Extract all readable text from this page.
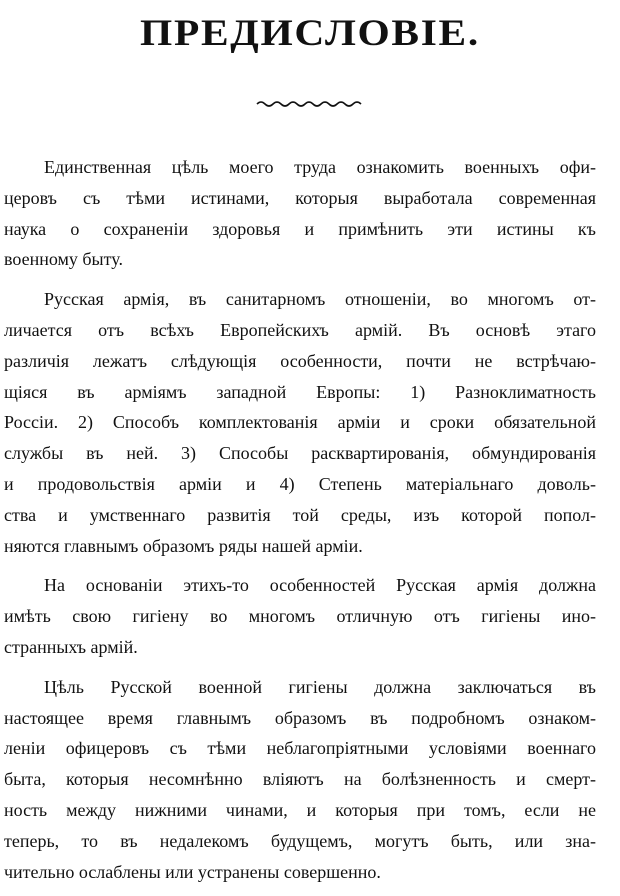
ПРЕДИСЛОВІЕ.
Единственная цѣль моего труда ознакомить военныхъ офи-
церовъ съ тѣми истинами, которыя выработала современная
наука о сохраненіи здоровья и примѣнить эти истины къ
военному быту.
Русская армія, въ санитарномъ отношеніи, во многомъ от-
личается отъ всѣхъ Европейскихъ армій. Въ основѣ этаго
различія лежатъ слѣдующія особенности, почти не встрѣчаю-
щіяся въ арміямъ западной Европы: 1) Разноклиматность
Россіи. 2) Способъ комплектованія арміи и сроки обязательной
службы въ ней. 3) Способы расквартированія, обмундированія
и продовольствія арміи и 4) Степень матеріальнаго доволь-
ства и умственнаго развитія той среды, изъ которой попол-
няются главнымъ образомъ ряды нашей арміи.
На основаніи этихъ-то особенностей Русская армія должна
имѣть свою гигіену во многомъ отличную отъ гигіены ино-
странныхъ армій.
Цѣль Русской военной гигіены должна заключаться въ
настоящее время главнымъ образомъ въ подробномъ ознаком-
леніи офицеровъ съ тѣми неблагопріятными условіями военнаго
быта, которыя несомнѣнно вліяютъ на болѣзненность и смерт-
ность между нижними чинами, и которыя при томъ, если не
теперь, то въ недалекомъ будущемъ, могутъ быть, или зна-
чительно ослаблены или устранены совершенно.
